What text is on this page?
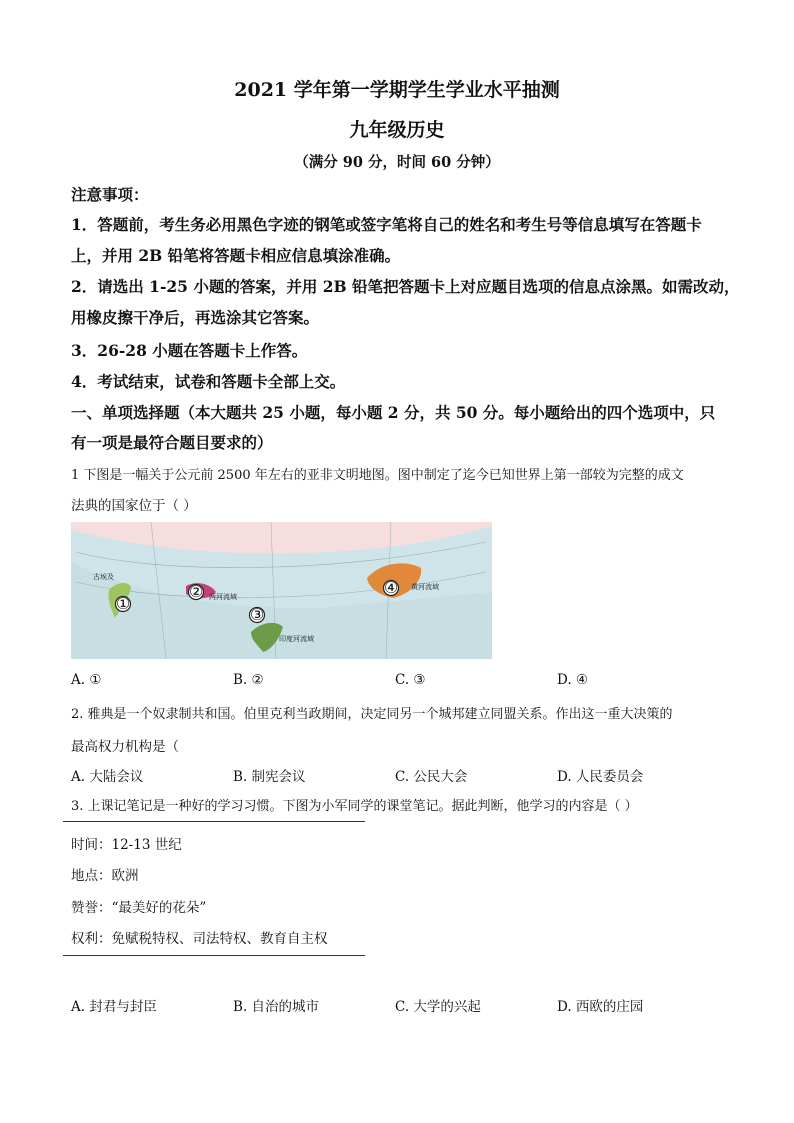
2021 学年第一学期学生学业水平抽测
九年级历史
（满分 90 分，时间 60 分钟）
注意事项：
1．答题前，考生务必用黑色字迹的钢笔或签字笔将自己的姓名和考生号等信息填写在答题卡
上，并用 2B 铅笔将答题卡相应信息填涂准确。
2．请选出 1-25 小题的答案，并用 2B 铅笔把答题卡上对应题目选项的信息点涂黑。如需改动，
用橡皮擦干净后，再选涂其它答案。
3．26-28 小题在答题卡上作答。
4．考试结束，试卷和答题卡全部上交。
一、单项选择题（本大题共 25 小题，每小题 2 分，共 50 分。每小题给出的四个选项中，只
有一项是最符合题目要求的）
1 下图是一幅关于公元前 2500 年左右的亚非文明地图。图中制定了迄今已知世界上第一部较为完整的成文
法典的国家位于（ ）
①
②
③
④
古埃及
两河流域
印度河流域
黄河流域
A. ①	B. ②	C. ③	D. ④
2. 雅典是一个奴隶制共和国。伯里克利当政期间，决定同另一个城邦建立同盟关系。作出这一重大决策的
最高权力机构是（
A. 大陆会议	B. 制宪会议	C. 公民大会	D. 人民委员会
3. 上课记笔记是一种好的学习习惯。下图为小军同学的课堂笔记。据此判断，他学习的内容是（ ）
时间：12-13 世纪
地点：欧洲
赞誉：“最美好的花朵”
权利：免赋税特权、司法特权、教育自主权
A. 封君与封臣	B. 自治的城市	C. 大学的兴起	D. 西欧的庄园
